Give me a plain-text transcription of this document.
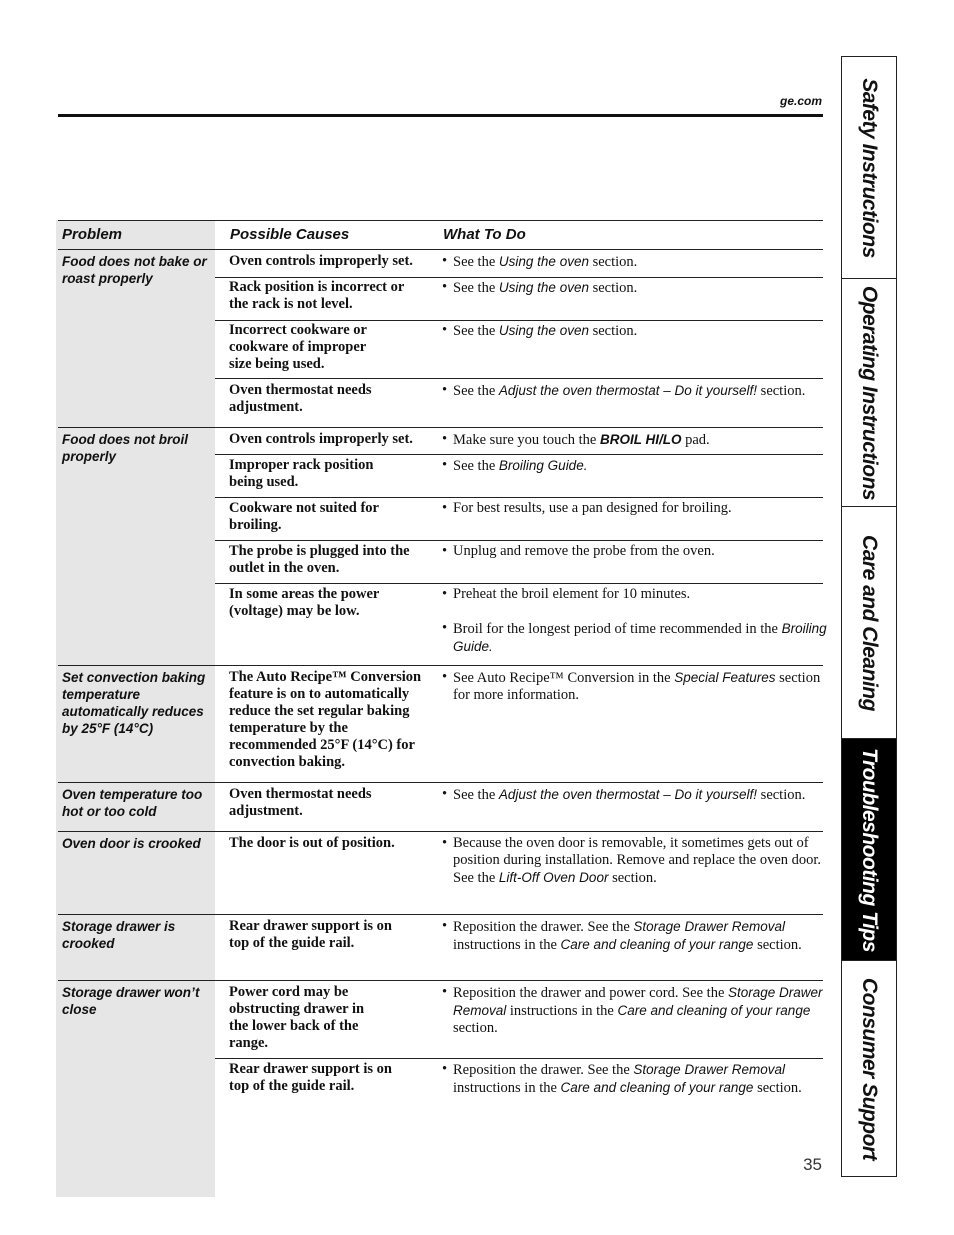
ge.com
Problem	Possible Causes	What To Do
Food does not bake or roast properly
Food does not broil properly
Set convection baking temperature automatically reduces by 25°F (14°C)
Oven temperature too hot or too cold
Oven door is crooked
Storage drawer is crooked
Storage drawer won’t close
Oven controls improperly set.
Rack position is incorrect or the rack is not level.
Incorrect cookware or cookware of improper size being used.
Oven thermostat needs adjustment.
Oven controls improperly set.
Improper rack position being used.
Cookware not suited for broiling.
The probe is plugged into the outlet in the oven.
In some areas the power (voltage) may be low.
The Auto Recipe™ Conversion feature is on to automatically reduce the set regular baking temperature by the recommended 25°F (14°C) for convection baking.
Oven thermostat needs adjustment.
The door is out of position.
Rear drawer support is on top of the guide rail.
Power cord may be obstructing drawer in the lower back of the range.
Rear drawer support is on top of the guide rail.
• See the Using the oven section.
• See the Using the oven section.
• See the Using the oven section.
• See the Adjust the oven thermostat – Do it yourself! section.
• Make sure you touch the BROIL HI/LO pad.
• See the Broiling Guide.
• For best results, use a pan designed for broiling.
• Unplug and remove the probe from the oven.
• Preheat the broil element for 10 minutes.
• Broil for the longest period of time recommended in the Broiling Guide.
• See Auto Recipe™ Conversion in the Special Features section for more information.
• See the Adjust the oven thermostat – Do it yourself! section.
• Because the oven door is removable, it sometimes gets out of position during installation. Remove and replace the oven door. See the Lift-Off Oven Door section.
• Reposition the drawer. See the Storage Drawer Removal instructions in the Care and cleaning of your range section.
• Reposition the drawer and power cord. See the Storage Drawer Removal instructions in the Care and cleaning of your range section.
• Reposition the drawer. See the Storage Drawer Removal instructions in the Care and cleaning of your range section.
35
Safety Instructions
Operating Instructions
Care and Cleaning
Troubleshooting Tips
Consumer Support
